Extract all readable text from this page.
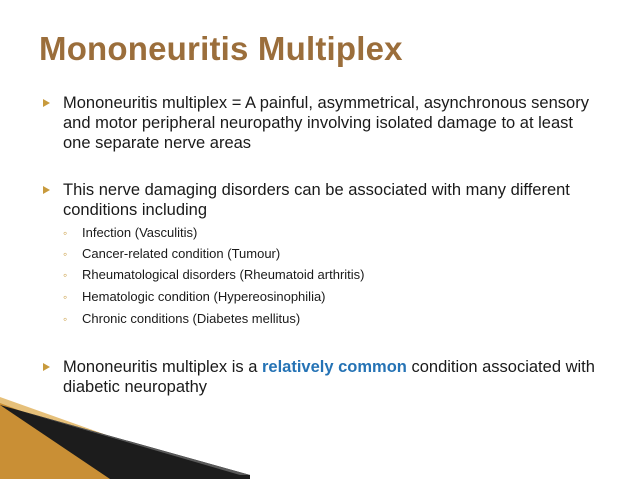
Mononeuritis Multiplex
Mononeuritis multiplex = A painful, asymmetrical, asynchronous sensory and motor peripheral neuropathy involving isolated damage to at least one separate nerve areas
This nerve damaging disorders can be associated with many different conditions including
◦	Infection (Vasculitis)
◦	Cancer-related condition (Tumour)
◦	Rheumatological disorders (Rheumatoid arthritis)
◦	Hematologic condition (Hypereosinophilia)
◦	Chronic conditions (Diabetes mellitus)
Mononeuritis multiplex is a relatively common condition associated with diabetic neuropathy
